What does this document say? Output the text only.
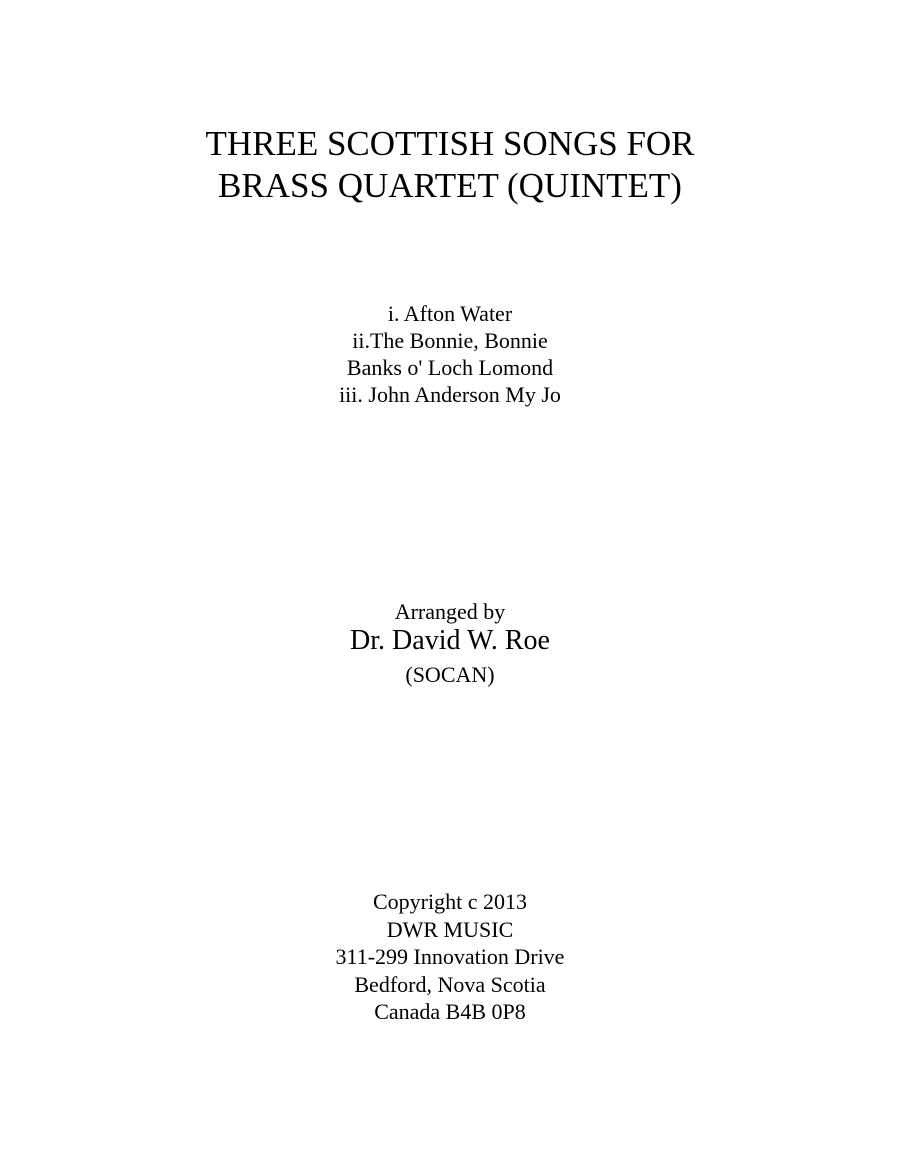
THREE SCOTTISH SONGS FOR
BRASS QUARTET (QUINTET)
i. Afton Water
ii.The Bonnie, Bonnie
Banks o' Loch Lomond
iii. John Anderson My Jo
Arranged by
Dr. David W. Roe
(SOCAN)
Copyright c 2013
DWR MUSIC
311-299 Innovation Drive
Bedford, Nova Scotia
Canada B4B 0P8
